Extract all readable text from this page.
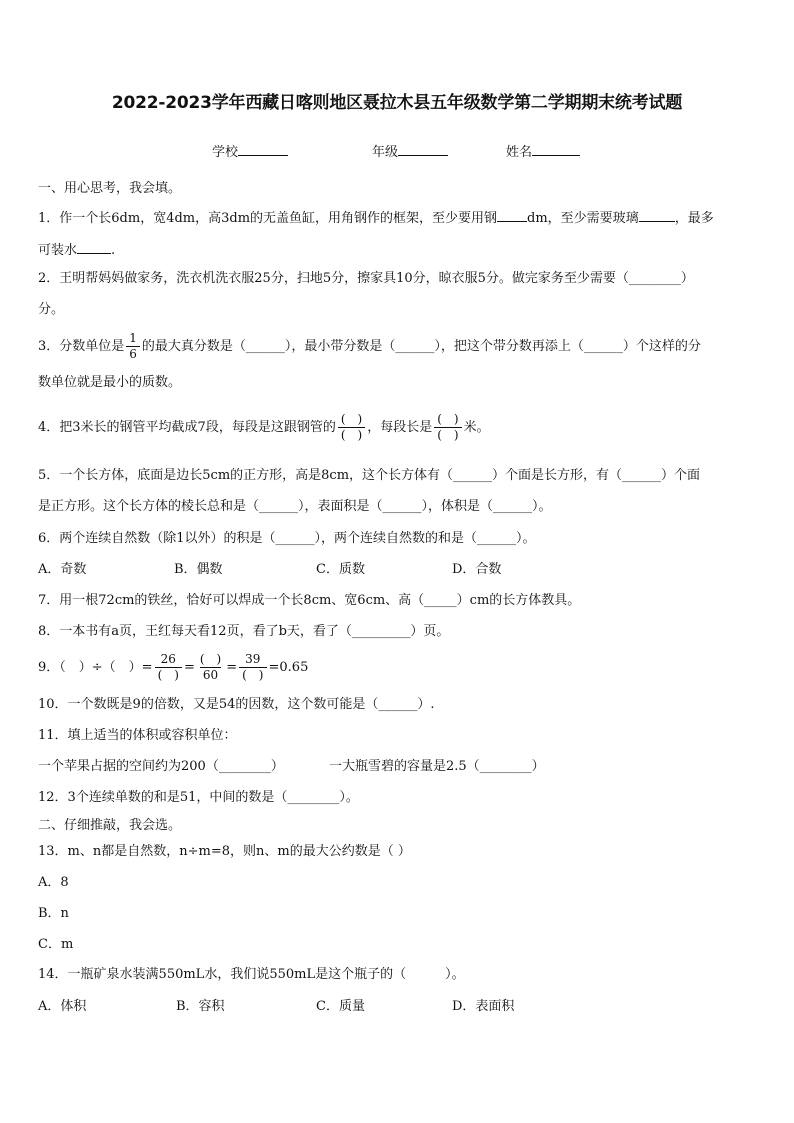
2022-2023学年西藏日喀则地区聂拉木县五年级数学第二学期期末统考试题
学校	年级	姓名
一、用心思考，我会填。
1．作一个长6dm，宽4dm，高3dm的无盖鱼缸，用角钢作的框架，至少要用钢 dm，至少需要玻璃	，最多
可装水	.
2．王明帮妈妈做家务，洗衣机洗衣服25分，扫地5分，擦家具10分，晾衣服5分。做完家务至少需要（________）
分。
3．分数单位是 $\frac{1}{6}$ 的最大真分数是（______），最小带分数是（______），把这个带分数再添上（______）个这样的分
数单位就是最小的质数。
4．把3米长的钢管平均截成7段，每段是这跟钢管的 $\frac{( )}{( )}$ ，每段长是 $\frac{( )}{( )}$ 米。
5．一个长方体，底面是边长5cm的正方形，高是8cm，这个长方体有（______）个面是长方形，有（______）个面
是正方形。这个长方体的棱长总和是（______），表面积是（______），体积是（______）。
6．两个连续自然数（除1以外）的积是（______），两个连续自然数的和是（______）。
A．奇数	B．偶数	C．质数	D．合数
7．用一根72cm的铁丝，恰好可以焊成一个长8cm、宽6cm、高（_____）cm的长方体教具。
8．一本书有a页，王红每天看12页，看了b天，看了（_________）页。
9．（　）÷（　）= $\frac{26}{( )} = \frac{( )}{60} = \frac{39}{( )} =0.65$
10．一个数既是9的倍数，又是54的因数，这个数可能是（______）.
11．填上适当的体积或容积单位：
一个苹果占据的空间约为200（________）	一大瓶雪碧的容量是2.5（________）
12．3个连续单数的和是51，中间的数是（________）。
二、仔细推敲，我会选。
13．m、n都是自然数，n÷m=8，则n、m的最大公约数是（ ）
A．8
B．n
C．m
14．一瓶矿泉水装满550mL水，我们说550mL是这个瓶子的（　　　）。
A．体积	B．容积	C．质量	D．表面积
